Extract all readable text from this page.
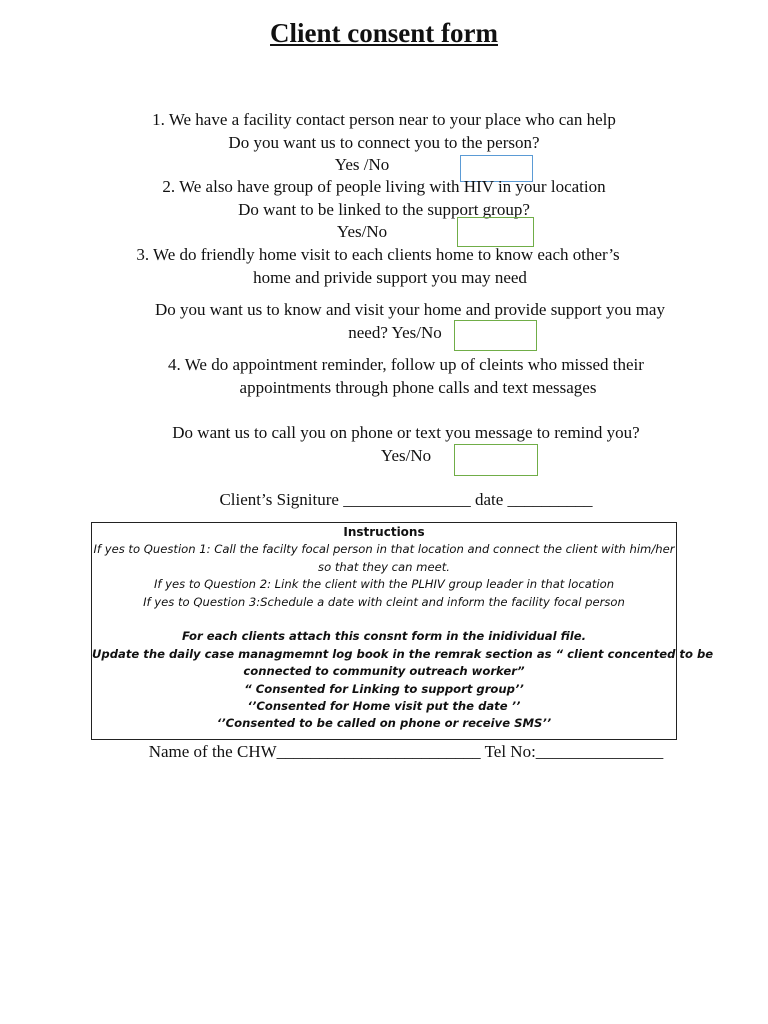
Client consent form
1. We have a facility contact person near to your place who can help
Do you want us to connect you to the person?
Yes /No
2. We also have group of people living with HIV in your location
Do want to be linked to the support group?
Yes/No
3. We do friendly home visit to each clients home to know each other’s
home and privide support you may need
Do you want us to know and visit your home and provide support you may
need? Yes/No
4. We do appointment reminder, follow up of cleints who missed their
appointments through phone calls and text messages
Do want us to call you on phone or text you message to remind you?
Yes/No
Client’s Signiture _______________ date __________
Instructions
If yes to Question 1: Call the facilty focal person in that location and connect the client with him/her
so that they can meet.
If yes to Question 2: Link the client with the PLHIV group leader in that location
If yes to Question 3:Schedule a date with cleint and inform the facility focal person
For each clients attach this consnt form in the inidividual file.
Update the daily case managmemnt log book in the remrak section as “ client concented to be
connected to community outreach worker”
“ Consented for Linking to support group’’
‘’Consented for Home visit put the date ’’
‘’Consented to be called on phone or receive SMS’’
Name of the CHW________________________ Tel No:_______________
